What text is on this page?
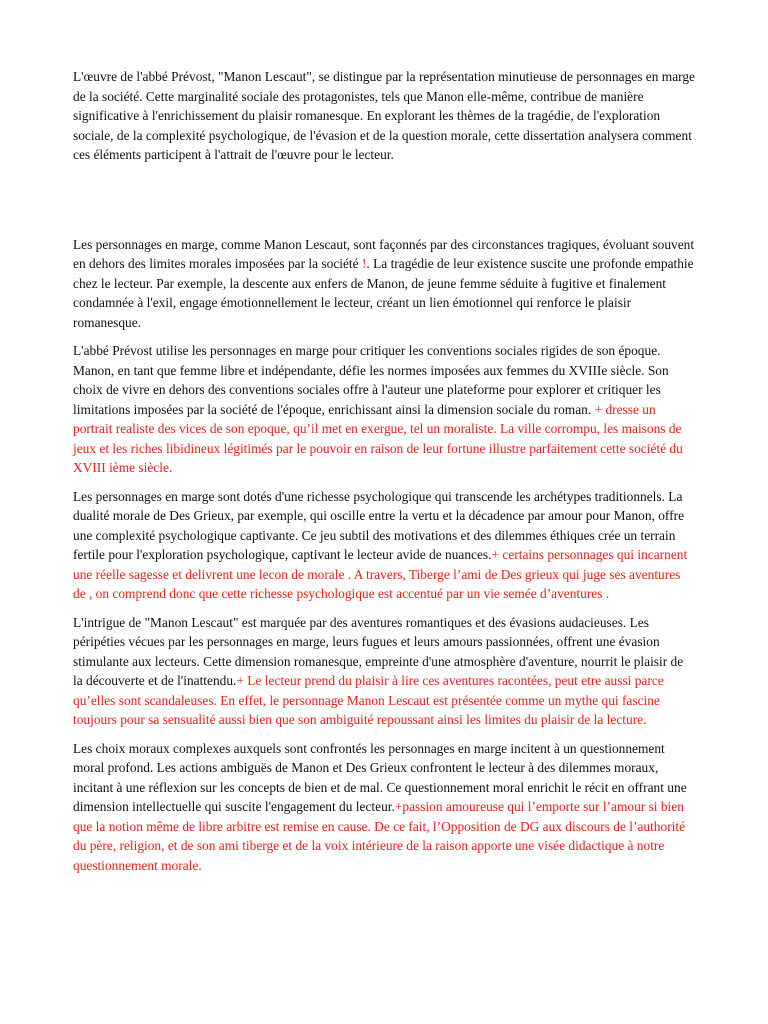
L'œuvre de l'abbé Prévost, "Manon Lescaut", se distingue par la représentation minutieuse de personnages en marge de la société. Cette marginalité sociale des protagonistes, tels que Manon elle-même, contribue de manière significative à l'enrichissement du plaisir romanesque. En explorant les thèmes de la tragédie, de l'exploration sociale, de la complexité psychologique, de l'évasion et de la question morale, cette dissertation analysera comment ces éléments participent à l'attrait de l'œuvre pour le lecteur.

Les personnages en marge, comme Manon Lescaut, sont façonnés par des circonstances tragiques, évoluant souvent en dehors des limites morales imposées par la société !. La tragédie de leur existence suscite une profonde empathie chez le lecteur. Par exemple, la descente aux enfers de Manon, de jeune femme séduite à fugitive et finalement condamnée à l'exil, engage émotionnellement le lecteur, créant un lien émotionnel qui renforce le plaisir romanesque.

L'abbé Prévost utilise les personnages en marge pour critiquer les conventions sociales rigides de son époque. Manon, en tant que femme libre et indépendante, défie les normes imposées aux femmes du XVIIIe siècle. Son choix de vivre en dehors des conventions sociales offre à l'auteur une plateforme pour explorer et critiquer les limitations imposées par la société de l'époque, enrichissant ainsi la dimension sociale du roman. + dresse un portrait realiste des vices de son epoque, qu’il met en exergue, tel un moraliste. La ville corrompu, les maisons de jeux et les riches libidineux légitimés par le pouvoir en raison de leur fortune illustre parfaitement cette société du XVIII ième siècle.

Les personnages en marge sont dotés d'une richesse psychologique qui transcende les archétypes traditionnels. La dualité morale de Des Grieux, par exemple, qui oscille entre la vertu et la décadence par amour pour Manon, offre une complexité psychologique captivante. Ce jeu subtil des motivations et des dilemmes éthiques crée un terrain fertile pour l'exploration psychologique, captivant le lecteur avide de nuances.+ certains personnages qui incarnent une réelle sagesse et delivrent une lecon de morale . A travers, Tiberge l’ami de Des grieux qui juge ses aventures de , on comprend donc que cette richesse psychologique est accentué par un vie semée d’aventures .

L'intrigue de "Manon Lescaut" est marquée par des aventures romantiques et des évasions audacieuses. Les péripéties vécues par les personnages en marge, leurs fugues et leurs amours passionnées, offrent une évasion stimulante aux lecteurs. Cette dimension romanesque, empreinte d'une atmosphère d'aventure, nourrit le plaisir de la découverte et de l'inattendu.+ Le lecteur prend du plaisir à lire ces aventures racontées, peut etre aussi parce qu’elles sont scandaleuses. En effet, le personnage Manon Lescaut est présentée comme un mythe qui fascine toujours pour sa sensualité aussi bien que son ambiguité repoussant ainsi les limites du plaisir de la lecture.

Les choix moraux complexes auxquels sont confrontés les personnages en marge incitent à un questionnement moral profond. Les actions ambiguës de Manon et Des Grieux confrontent le lecteur à des dilemmes moraux, incitant à une réflexion sur les concepts de bien et de mal. Ce questionnement moral enrichit le récit en offrant une dimension intellectuelle qui suscite l'engagement du lecteur.+passion amoureuse qui l’emporte sur l’amour si bien que la notion même de libre arbitre est remise en cause. De ce fait, l’Opposition de DG aux discours de l’authorité du père, religion, et de son ami tiberge et de la voix intérieure de la raison apporte une visée didactique à notre questionnement morale.
